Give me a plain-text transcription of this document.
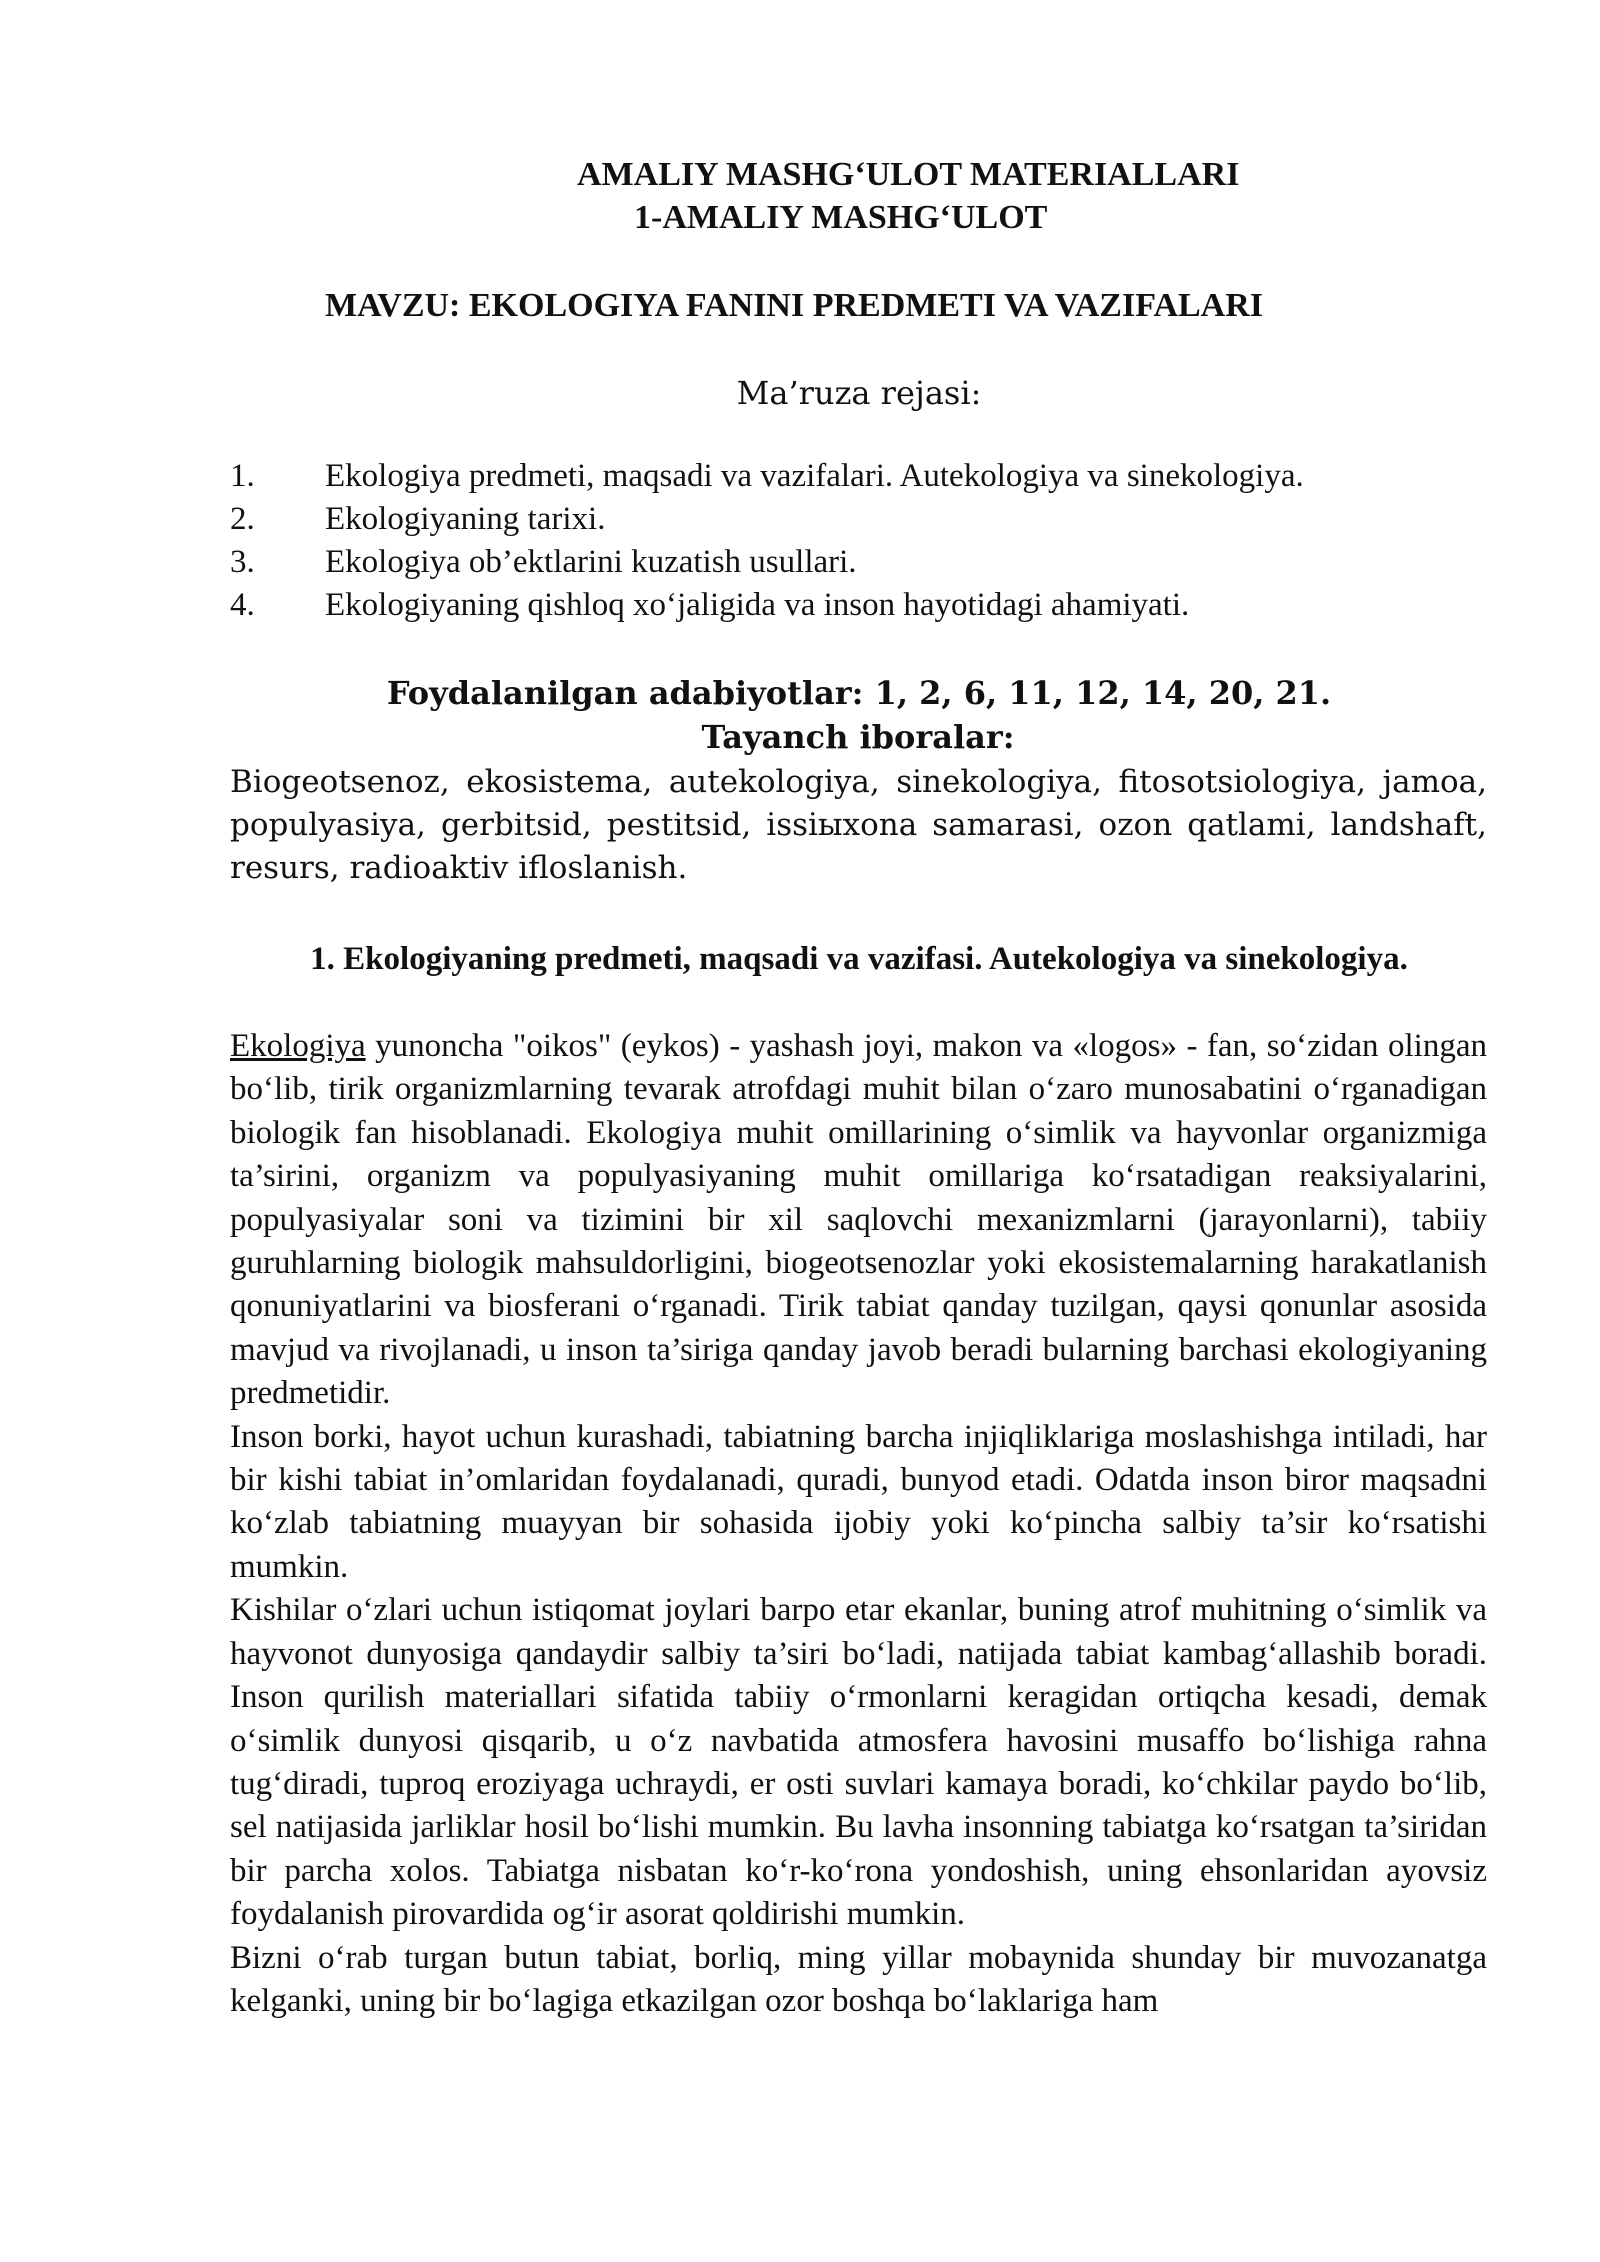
AMALIY MASHG‘ULOT MATERIALLARI
1-AMALIY MASHG‘ULOT
MAVZU: EKOLOGIYA FANINI PREDMETI VA VAZIFALARI

Ma’ruza rejasi:

1.	Ekologiya predmeti, maqsadi va vazifalari. Autekologiya va sinekologiya.
2.	Ekologiyaning tarixi.
3.	Ekologiya ob’ektlarini kuzatish usullari.
4.	Ekologiyaning qishloq xo‘jaligida va inson hayotidagi ahamiyati.

Foydalanilgan adabiyotlar: 1, 2, 6, 11, 12, 14, 20, 21.

Tayanch iboralar:

Biogeotsenoz, ekosistema, autekologiya, sinekologiya, fitosotsiologiya, jamoa, populyasiya, gerbitsid, pestitsid, issiыxona samarasi, ozon qatlami, landshaft, resurs, radioaktiv ifloslanish.

1. Ekologiyaning predmeti, maqsadi va vazifasi. Autekologiya va sinekologiya.

Ekologiya yunoncha "oikos" (eykos) - yashash joyi, makon va «logos» - fan, so‘zidan olingan bo‘lib, tirik organizmlarning tevarak atrofdagi muhit bilan o‘zaro munosabatini o‘rganadigan biologik fan hisoblanadi. Ekologiya muhit omillarining o‘simlik va hayvonlar organizmiga ta’sirini, organizm va populyasiyaning muhit omillariga ko‘rsatadigan reaksiyalarini, populyasiyalar soni va tizimini bir xil saqlovchi mexanizmlarni (jarayonlarni), tabiiy guruhlarning biologik mahsuldorligini, biogeotsenozlar yoki ekosistemalarning harakatlanish qonuniyatlarini va biosferani o‘rganadi. Tirik tabiat qanday tuzilgan, qaysi qonunlar asosida mavjud va rivojlanadi, u inson ta’siriga qanday javob beradi bularning barchasi ekologiyaning predmetidir.

Inson borki, hayot uchun kurashadi, tabiatning barcha injiqliklariga moslashishga intiladi, har bir kishi tabiat in’omlaridan foydalanadi, quradi, bunyod etadi. Odatda inson biror maqsadni ko‘zlab tabiatning muayyan bir sohasida ijobiy yoki ko‘pincha salbiy ta’sir ko‘rsatishi mumkin.

Kishilar o‘zlari uchun istiqomat joylari barpo etar ekanlar, buning atrof muhitning o‘simlik va hayvonot dunyosiga qandaydir salbiy ta’siri bo‘ladi, natijada tabiat kambag‘allashib boradi. Inson qurilish materiallari sifatida tabiiy o‘rmonlarni keragidan ortiqcha kesadi, demak o‘simlik dunyosi qisqarib, u o‘z navbatida atmosfera havosini musaffo bo‘lishiga rahna tug‘diradi, tuproq eroziyaga uchraydi, er osti suvlari kamaya boradi, ko‘chkilar paydo bo‘lib, sel natijasida jarliklar hosil bo‘lishi mumkin. Bu lavha insonning tabiatga ko‘rsatgan ta’siridan bir parcha xolos. Tabiatga nisbatan ko‘r-ko‘rona yondoshish, uning ehsonlaridan ayovsiz foydalanish pirovardida og‘ir asorat qoldirishi mumkin.

Bizni o‘rab turgan butun tabiat, borliq, ming yillar mobaynida shunday bir muvozanatga kelganki, uning bir bo‘lagiga etkazilgan ozor boshqa bo‘laklariga ham
